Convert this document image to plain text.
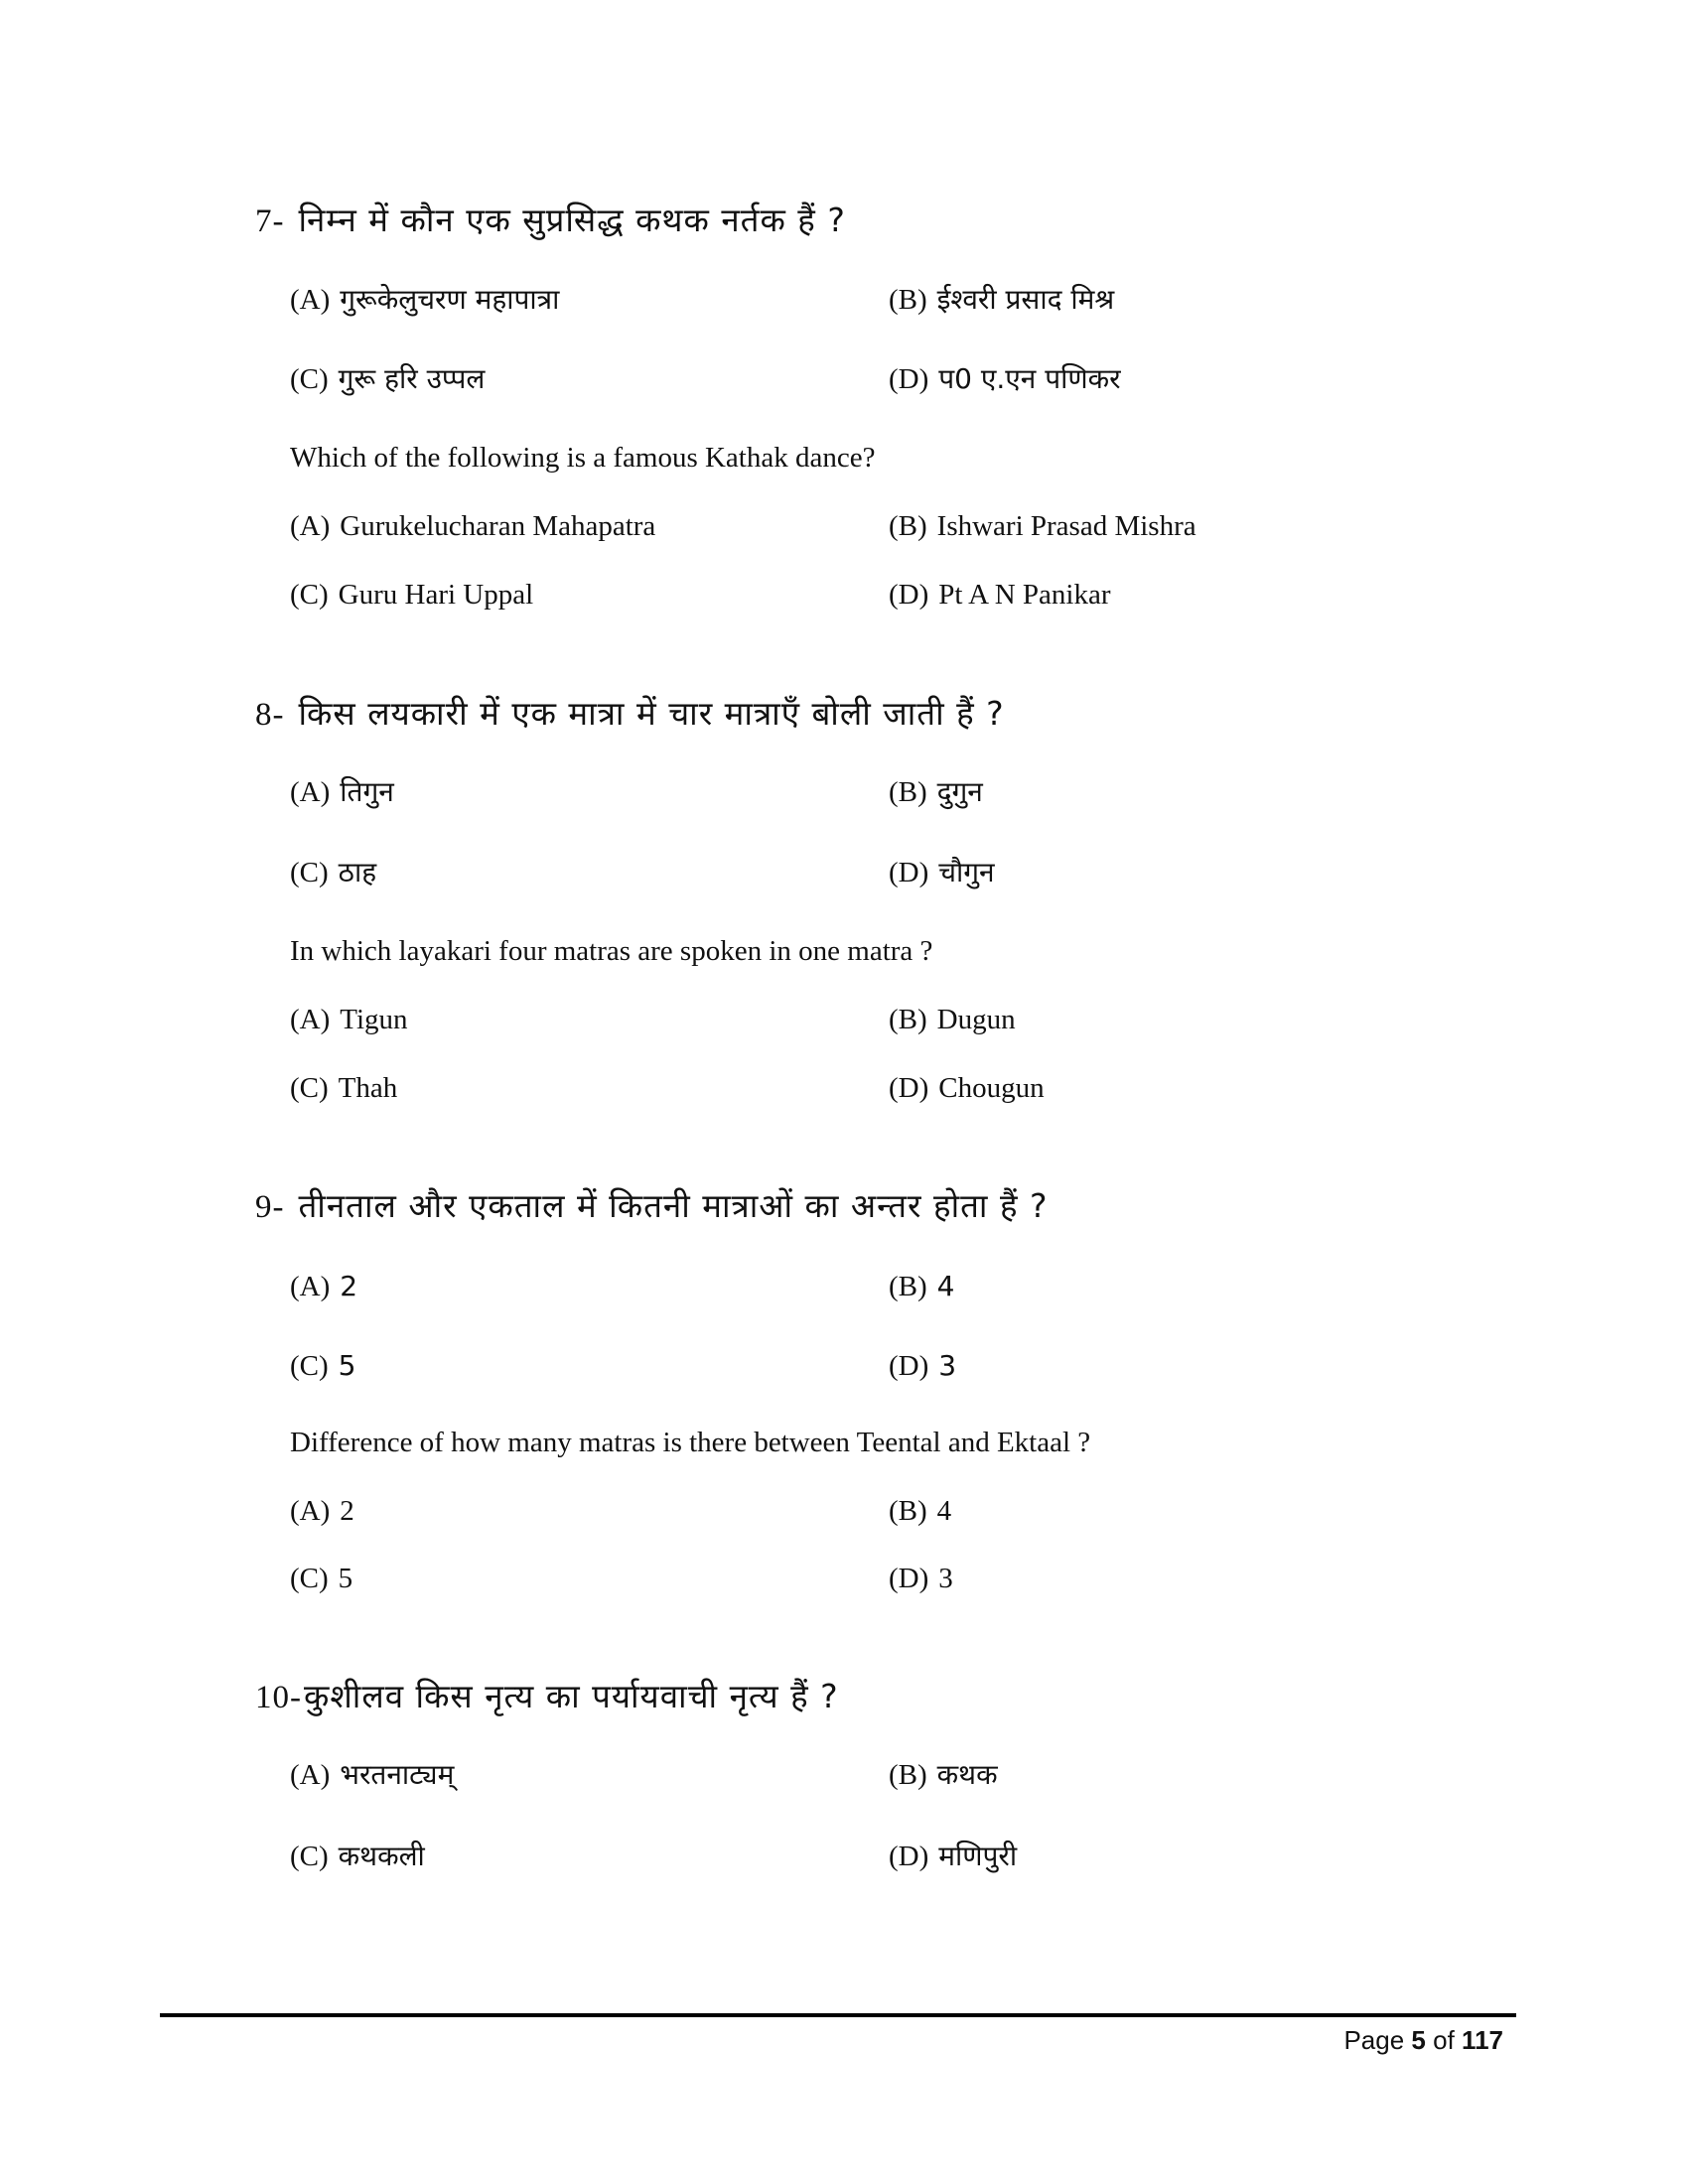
7- निम्न में कौन एक सुप्रसिद्ध कथक नर्तक हैं ?
(A) गुरूकेलुचरण महापात्रा	(B) ईश्वरी प्रसाद मिश्र
(C) गुरू हरि उप्पल	(D) प0 ए.एन पणिकर
Which of the following is a famous Kathak dance?
(A) Gurukelucharan Mahapatra	(B) Ishwari Prasad Mishra
(C) Guru Hari Uppal	(D) Pt A N Panikar
8- किस लयकारी में एक मात्रा में चार मात्राएँ बोली जाती हैं ?
(A) तिगुन	(B) दुगुन
(C) ठाह	(D) चौगुन
In which layakari four matras are spoken in one matra ?
(A) Tigun	(B) Dugun
(C) Thah	(D) Chougun
9- तीनताल और एकताल में कितनी मात्राओं का अन्तर होता हैं ?
(A) 2	(B) 4
(C) 5	(D) 3
Difference of how many matras is there between Teental and Ektaal ?
(A) 2	(B) 4
(C) 5	(D) 3
10-कुशीलव किस नृत्य का पर्यायवाची नृत्य हैं ?
(A) भरतनाट्यम्	(B) कथक
(C) कथकली	(D) मणिपुरी
Page 5 of 117
